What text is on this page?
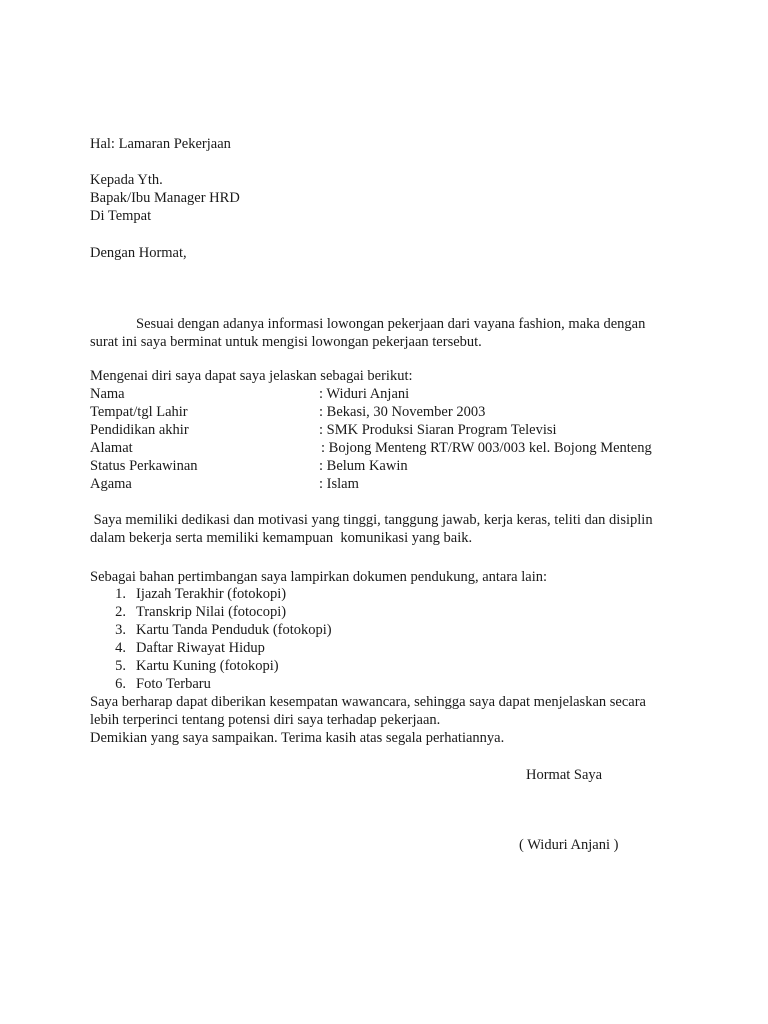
Hal: Lamaran Pekerjaan
Kepada Yth.
Bapak/Ibu Manager HRD
Di Tempat
Dengan Hormat,

Sesuai dengan adanya informasi lowongan pekerjaan dari vayana fashion, maka dengan

surat ini saya berminat untuk mengisi lowongan pekerjaan tersebut.

Mengenai diri saya dapat saya jelaskan sebagai berikut:
Nama	: Widuri Anjani
Tempat/tgl Lahir	: Bekasi, 30 November 2003
Pendidikan akhir	: SMK Produksi Siaran Program Televisi
Alamat	: Bojong Menteng RT/RW 003/003 kel. Bojong Menteng
Status Perkawinan	: Belum Kawin
Agama	: Islam

Saya memiliki dedikasi dan motivasi yang tinggi, tanggung jawab, kerja keras, teliti dan disiplin

dalam bekerja serta memiliki kemampuan  komunikasi yang baik.

Sebagai bahan pertimbangan saya lampirkan dokumen pendukung, antara lain:
1. Ijazah Terakhir (fotokopi)
2. Transkrip Nilai (fotocopi)
3. Kartu Tanda Penduduk (fotokopi)
4. Daftar Riwayat Hidup
5. Kartu Kuning (fotokopi)
6. Foto Terbaru
Saya berharap dapat diberikan kesempatan wawancara, sehingga saya dapat menjelaskan secara
lebih terperinci tentang potensi diri saya terhadap pekerjaan.
Demikian yang saya sampaikan. Terima kasih atas segala perhatiannya.
Hormat Saya
( Widuri Anjani )
